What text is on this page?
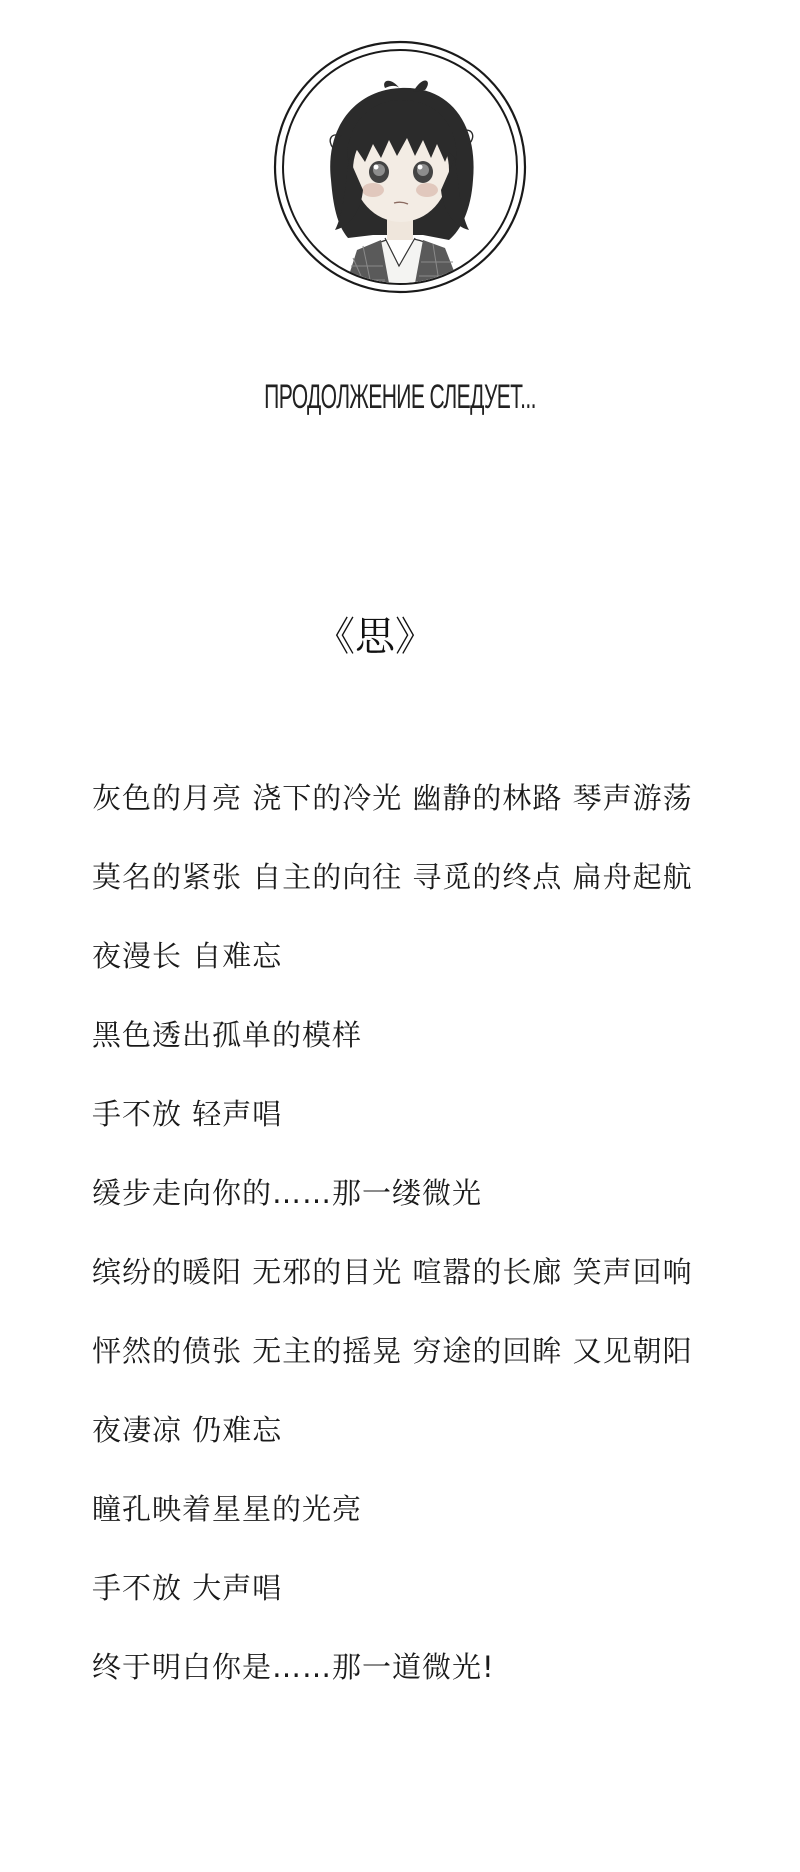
ПРОДОЛЖЕНИЕ СЛЕДУЕТ...
《思》
灰色的月亮 浇下的冷光 幽静的林路 琴声游荡
莫名的紧张 自主的向往 寻觅的终点 扁舟起航
夜漫长 自难忘
黑色透出孤单的模样
手不放 轻声唱
缓步走向你的……那一缕微光
缤纷的暖阳 无邪的目光 喧嚣的长廊 笑声回响
怦然的偾张 无主的摇晃 穷途的回眸 又见朝阳
夜凄凉 仍难忘
瞳孔映着星星的光亮
手不放 大声唱
终于明白你是……那一道微光!
